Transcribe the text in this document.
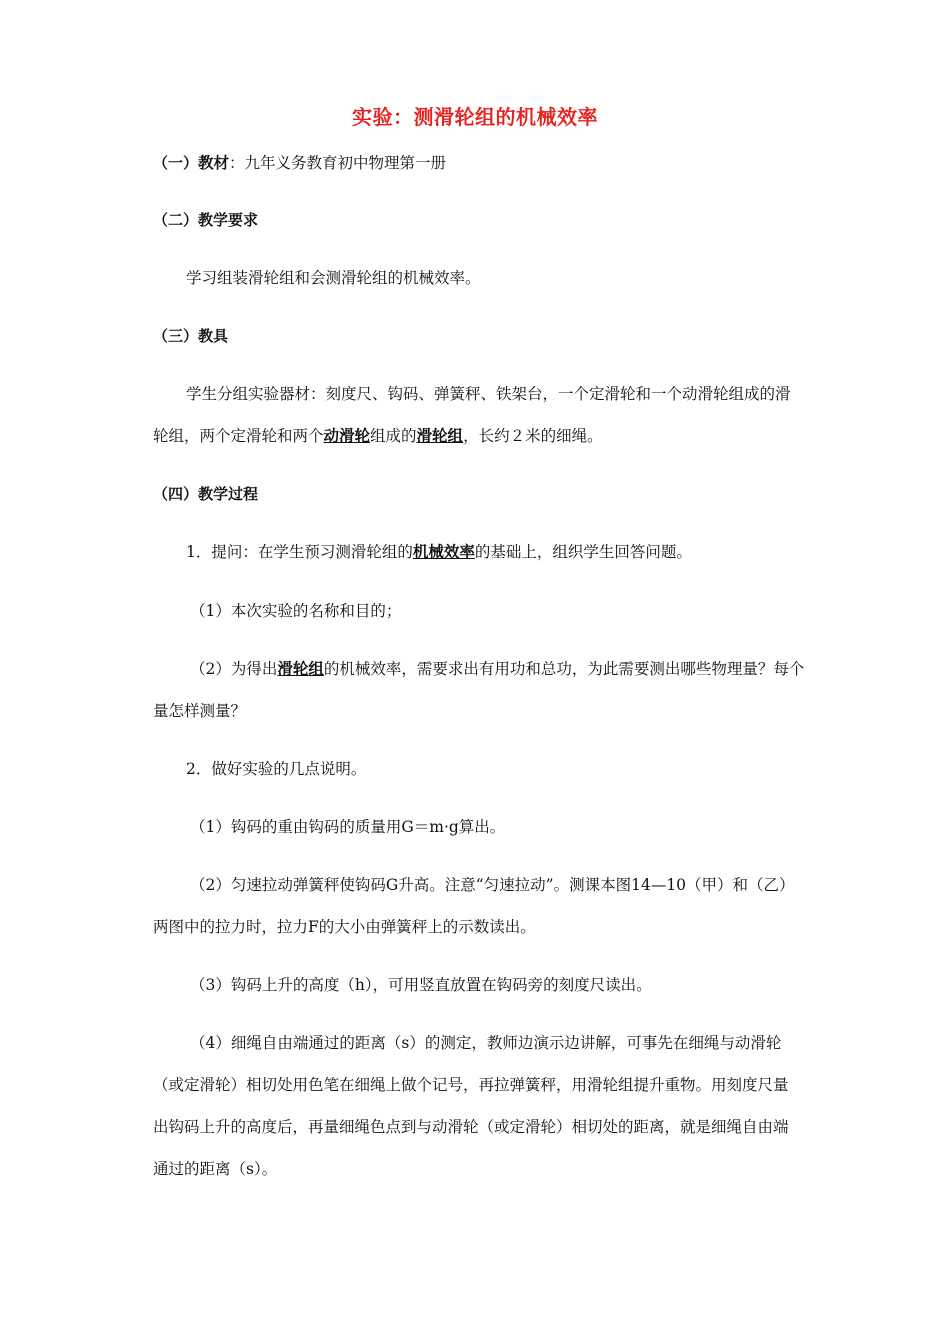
实验：测滑轮组的机械效率
（一）教材：九年义务教育初中物理第一册
（二）教学要求
学习组装滑轮组和会测滑轮组的机械效率。
（三）教具
学生分组实验器材：刻度尺、钩码、弹簧秤、铁架台，一个定滑轮和一个动滑轮组成的滑
轮组，两个定滑轮和两个动滑轮组成的滑轮组，长约２米的细绳。
（四）教学过程
1．提问：在学生预习测滑轮组的机械效率的基础上，组织学生回答问题。
（1）本次实验的名称和目的；
（2）为得出滑轮组的机械效率，需要求出有用功和总功，为此需要测出哪些物理量？每个
量怎样测量？
2．做好实验的几点说明。
（1）钩码的重由钩码的质量用G＝m·g算出。
（2）匀速拉动弹簧秤使钩码G升高。注意“匀速拉动”。测课本图14—10（甲）和（乙）
两图中的拉力时，拉力F的大小由弹簧秤上的示数读出。
（3）钩码上升的高度（h），可用竖直放置在钩码旁的刻度尺读出。
（4）细绳自由端通过的距离（s）的测定，教师边演示边讲解，可事先在细绳与动滑轮
（或定滑轮）相切处用色笔在细绳上做个记号，再拉弹簧秤，用滑轮组提升重物。用刻度尺量
出钩码上升的高度后，再量细绳色点到与动滑轮（或定滑轮）相切处的距离，就是细绳自由端
通过的距离（s）。
